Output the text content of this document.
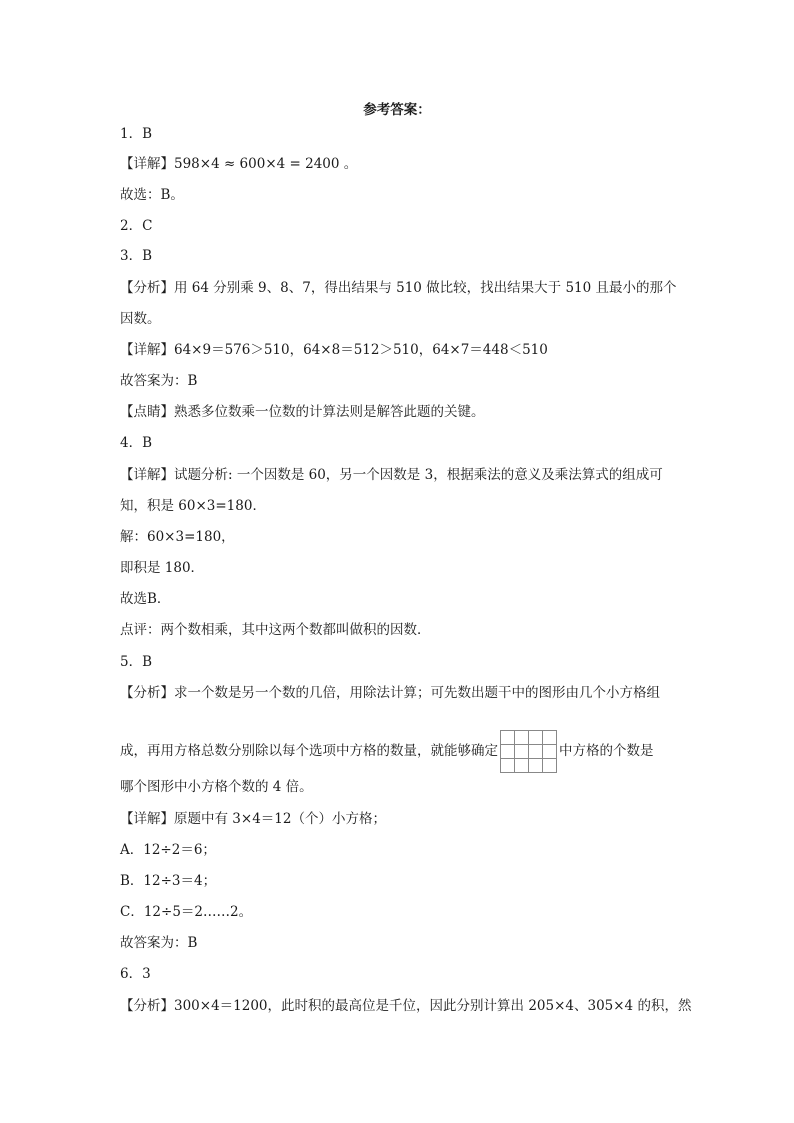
参考答案：
1．B
【详解】598×4 ≈ 600×4 = 2400 。
故选：B。
2．C
3．B
【分析】用 64 分别乘 9、8、7，得出结果与 510 做比较，找出结果大于 510 且最小的那个
因数。
【详解】64×9＝576＞510，64×8＝512＞510，64×7＝448＜510
故答案为：B
【点睛】熟悉多位数乘一位数的计算法则是解答此题的关键。
4．B
【详解】试题分析: 一个因数是 60，另一个因数是 3，根据乘法的意义及乘法算式的组成可
知，积是 60×3=180．
解：60×3=180，
即积是 180．
故选B．
点评：两个数相乘，其中这两个数都叫做积的因数．
5．B
【分析】求一个数是另一个数的几倍，用除法计算；可先数出题干中的图形由几个小方格组
成，再用方格总数分别除以每个选项中方格的数量，就能够确定	中方格的个数是
哪个图形中小方格个数的 4 倍。
【详解】原题中有 3×4＝12（个）小方格；
A．12÷2＝6；
B．12÷3＝4；
C．12÷5＝2……2。
故答案为：B
6．3
【分析】300×4＝1200，此时积的最高位是千位，因此分别计算出 205×4、305×4 的积，然
